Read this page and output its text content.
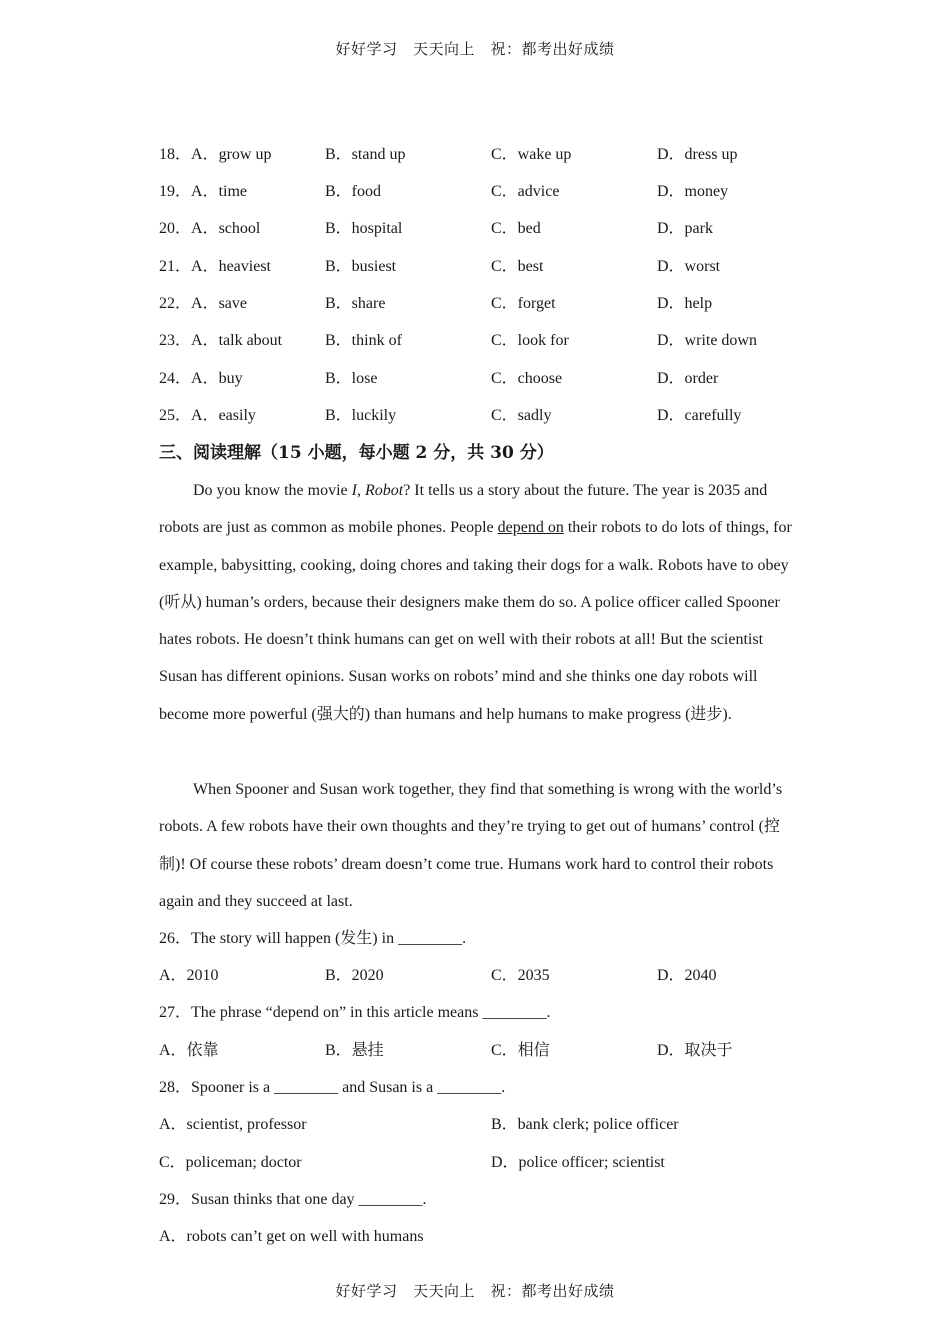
好好学习　天天向上　祝：都考出好成绩
18．A．grow up	B．stand up	C．wake up	D．dress up
19．A．time	B．food	C．advice	D．money
20．A．school	B．hospital	C．bed	D．park
21．A．heaviest	B．busiest	C．best	D．worst
22．A．save	B．share	C．forget	D．help
23．A．talk about	B．think of	C．look for	D．write down
24．A．buy	B．lose	C．choose	D．order
25．A．easily	B．luckily	C．sadly	D．carefully
三、阅读理解（15 小题，每小题 2 分，共 30 分）
Do you know the movie I, Robot? It tells us a story about the future. The year is 2035 and robots are just as common as mobile phones. People depend on their robots to do lots of things, for example, babysitting, cooking, doing chores and taking their dogs for a walk. Robots have to obey (听从) human’s orders, because their designers make them do so. A police officer called Spooner hates robots. He doesn’t think humans can get on well with their robots at all! But the scientist Susan has different opinions. Susan works on robots’ mind and she thinks one day robots will become more powerful (强大的) than humans and help humans to make progress (进步).
When Spooner and Susan work together, they find that something is wrong with the world’s robots. A few robots have their own thoughts and they’re trying to get out of humans’ control (控制)! Of course these robots’ dream doesn’t come true. Humans work hard to control their robots again and they succeed at last.
26．The story will happen (发生) in ________.
A．2010	B．2020	C．2035	D．2040
27．The phrase “depend on” in this article means ________.
A．依靠	B．悬挂	C．相信	D．取决于
28．Spooner is a ________ and Susan is a ________.
A．scientist, professor	B．bank clerk; police officer
C．policeman; doctor	D．police officer; scientist
29．Susan thinks that one day ________.
A．robots can’t get on well with humans
好好学习　天天向上　祝：都考出好成绩
